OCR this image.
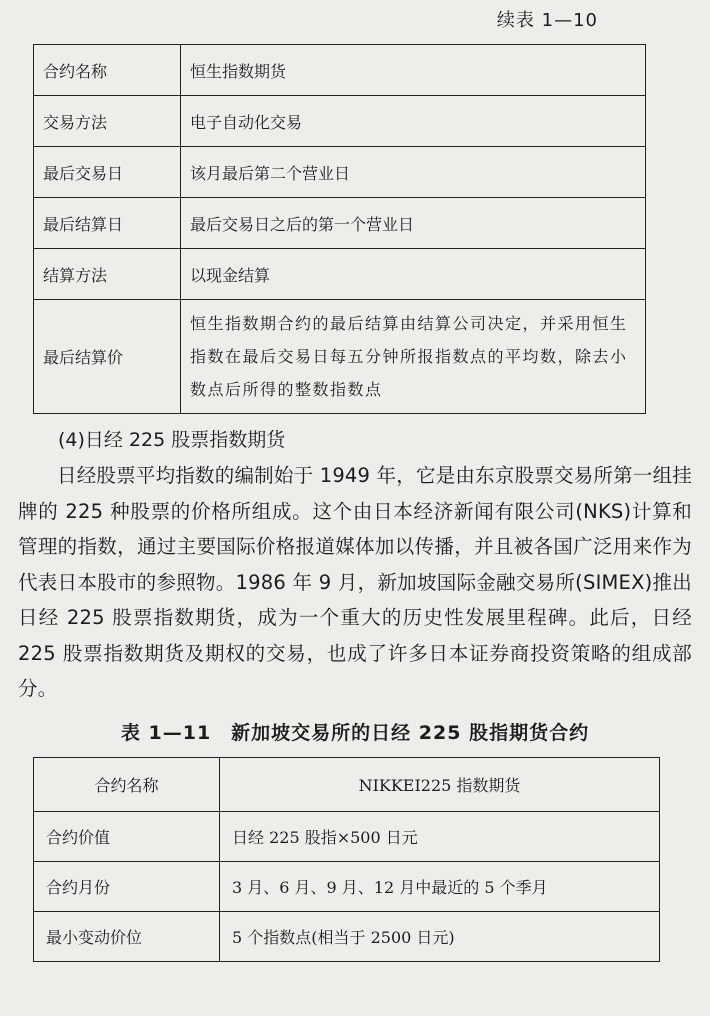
续表 1—10
合约名称	恒生指数期货
交易方法	电子自动化交易
最后交易日	该月最后第二个营业日
最后结算日	最后交易日之后的第一个营业日
结算方法	以现金结算
最后结算价	恒生指数期合约的最后结算由结算公司决定，并采用恒生指数在最后交易日每五分钟所报指数点的平均数，除去小数点后所得的整数指数点
(4)日经 225 股票指数期货

日经股票平均指数的编制始于 1949 年，它是由东京股票交易所第一组挂牌的 225 种股票的价格所组成。这个由日本经济新闻有限公司(NKS)计算和管理的指数，通过主要国际价格报道媒体加以传播，并且被各国广泛用来作为代表日本股市的参照物。1986 年 9 月，新加坡国际金融交易所(SIMEX)推出日经 225 股票指数期货，成为一个重大的历史性发展里程碑。此后，日经 225 股票指数期货及期权的交易，也成了许多日本证券商投资策略的组成部分。

表 1—11　新加坡交易所的日经 225 股指期货合约
合约名称	NIKKEI225 指数期货
合约价值	日经 225 股指×500 日元
合约月份	3 月、6 月、9 月、12 月中最近的 5 个季月
最小变动价位	5 个指数点(相当于 2500 日元)
